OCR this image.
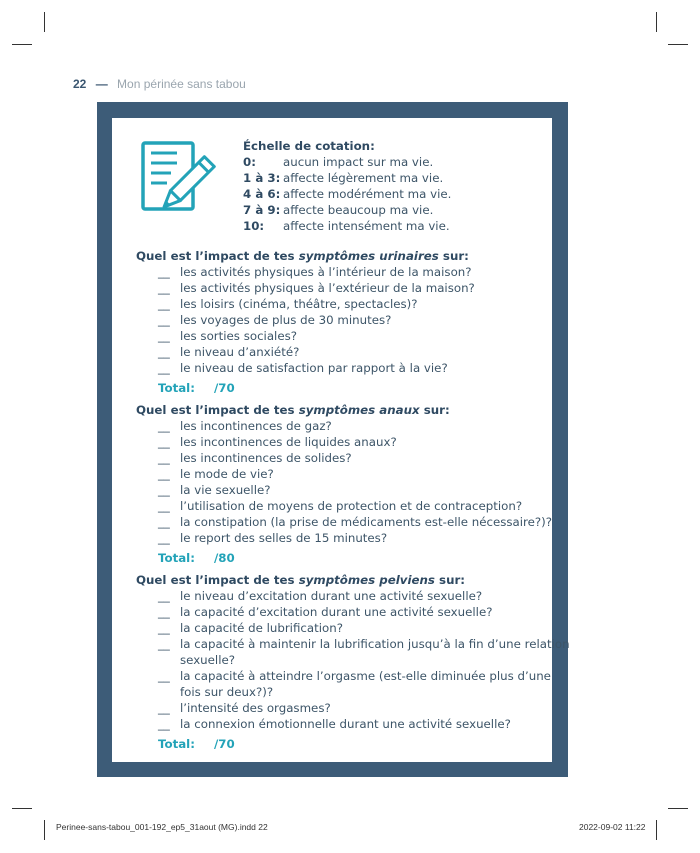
22 — Mon périnée sans tabou
Échelle de cotation:
0: aucun impact sur ma vie.
1 à 3: affecte légèrement ma vie.
4 à 6: affecte modérément ma vie.
7 à 9: affecte beaucoup ma vie.
10: affecte intensément ma vie.
Quel est l’impact de tes symptômes urinaires sur:
__ les activités physiques à l’intérieur de la maison?
__ les activités physiques à l’extérieur de la maison?
__ les loisirs (cinéma, théâtre, spectacles)?
__ les voyages de plus de 30 minutes?
__ les sorties sociales?
__ le niveau d’anxiété?
__ le niveau de satisfaction par rapport à la vie?
Total: /70
Quel est l’impact de tes symptômes anaux sur:
__ les incontinences de gaz?
__ les incontinences de liquides anaux?
__ les incontinences de solides?
__ le mode de vie?
__ la vie sexuelle?
__ l’utilisation de moyens de protection et de contraception?
__ la constipation (la prise de médicaments est-elle nécessaire?)?
__ le report des selles de 15 minutes?
Total: /80
Quel est l’impact de tes symptômes pelviens sur:
__ le niveau d’excitation durant une activité sexuelle?
__ la capacité d’excitation durant une activité sexuelle?
__ la capacité de lubrification?
__ la capacité à maintenir la lubrification jusqu’à la fin d’une relation
sexuelle?
__ la capacité à atteindre l’orgasme (est-elle diminuée plus d’une
fois sur deux?)?
__ l’intensité des orgasmes?
__ la connexion émotionnelle durant une activité sexuelle?
Total: /70
Perinee-sans-tabou_001-192_ep5_31aout (MG).indd 22	2022-09-02 11:22
